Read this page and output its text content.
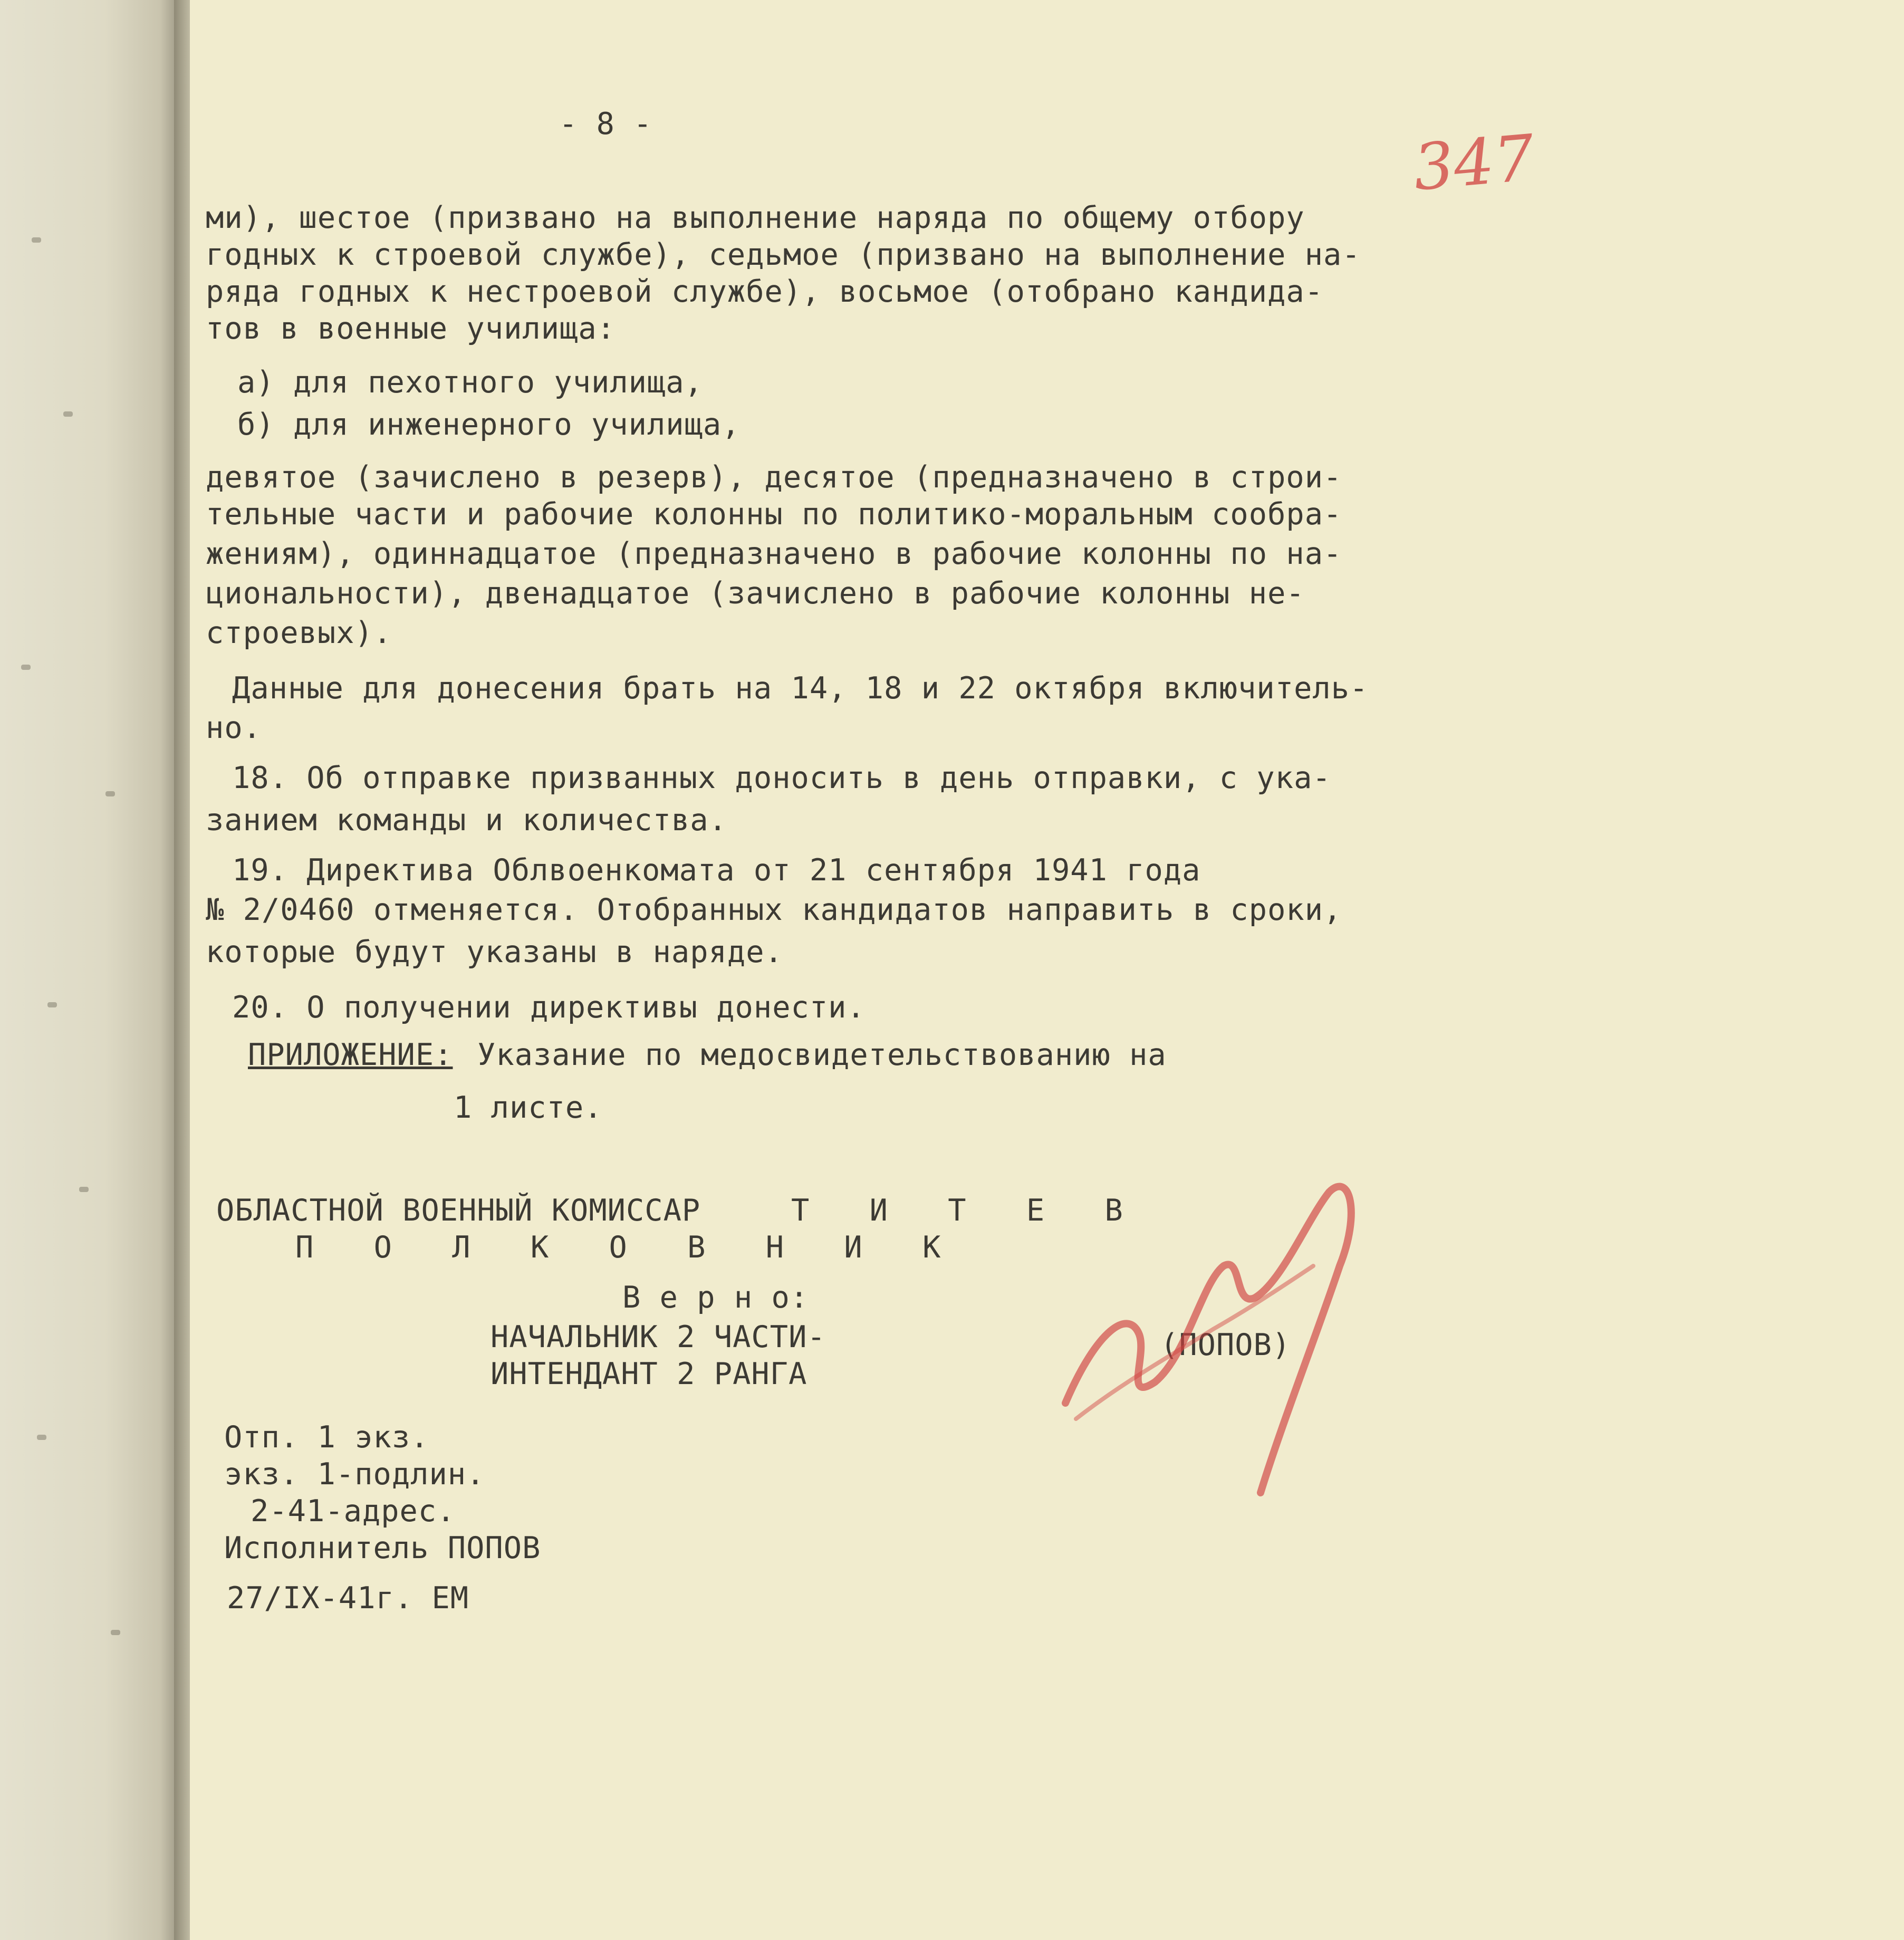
- 8 -	347

ми), шестое (призвано на выполнение наряда по общему отбору

годных к строевой службе), седьмое (призвано на выполнение на-

ряда годных к нестроевой службе), восьмое (отобрано кандида-

тов в военные училища:

а) для пехотного училища,

б) для инженерного училища,

девятое (зачислено в резерв), десятое (предназначено в строи-

тельные части и рабочие колонны по политико-моральным сообра-

жениям), одиннадцатое (предназначено в рабочие колонны по на-

циональности), двенадцатое (зачислено в рабочие колонны не-

строевых).

Данные для донесения брать на 14, 18 и 22 октября включитель-

но.

18. Об отправке призванных доносить в день отправки, с ука-

занием команды и количества.

19. Директива Облвоенкомата от 21 сентября 1941 года

№ 2/0460 отменяется. Отобранных кандидатов направить в сроки,

которые будут указаны в наряде.

20. О получении директивы донести.

ПРИЛОЖЕНИЕ: Указание по медосвидетельствованию на

1 листе.

ОБЛАСТНОЙ ВОЕННЫЙ КОМИССАР	Т И Т Е В

П О Л К О В Н И К

В е р н о:

НАЧАЛЬНИК 2 ЧАСТИ-

ИНТЕНДАНТ 2 РАНГА

(ПОПОВ)

Отп. 1 экз.

экз. 1-подлин.

2-41-адрес.

Исполнитель ПОПОВ

27/IX-41г. ЕМ
